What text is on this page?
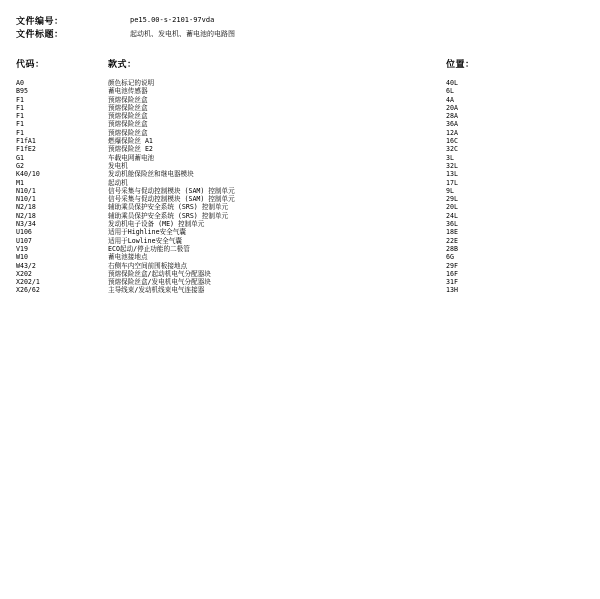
文件编号：	pe15.00-s-2101-97vda
文件标题：	起动机、发电机、蓄电池的电路图
代码：	款式：	位置：
A0	颜色标记的说明	40L
B95	蓄电池传感器	6L
F1	预熔保险丝盒	4A
F1	预熔保险丝盒	20A
F1	预熔保险丝盒	28A
F1	预熔保险丝盒	36A
F1	预熔保险丝盒	12A
F1fA1	燃爆保险丝 A1	16C
F1fE2	预熔保险丝 E2	32C
G1	车载电网蓄电池	3L
G2	发电机	32L
K40/10	发动机舱保险丝和继电器模块	13L
M1	起动机	17L
N10/1	信号采集与促动控制模块 (SAM) 控制单元	9L
N10/1	信号采集与促动控制模块 (SAM) 控制单元	29L
N2/18	辅助乘员保护安全系统 (SRS) 控制单元	20L
N2/18	辅助乘员保护安全系统 (SRS) 控制单元	24L
N3/34	发动机电子设备 (ME) 控制单元	36L
U106	适用于Highline安全气囊	18E
U107	适用于Lowline安全气囊	22E
V19	ECO起动/停止功能的二极管	28B
W10	蓄电池接地点	6G
W43/2	右侧车内空间前围板接地点	29F
X202	预熔保险丝盒/起动机电气分配器块	16F
X202/1	预熔保险丝盒/发电机电气分配器块	31F
X26/62	主导线束/发动机线束电气连接器	13H
